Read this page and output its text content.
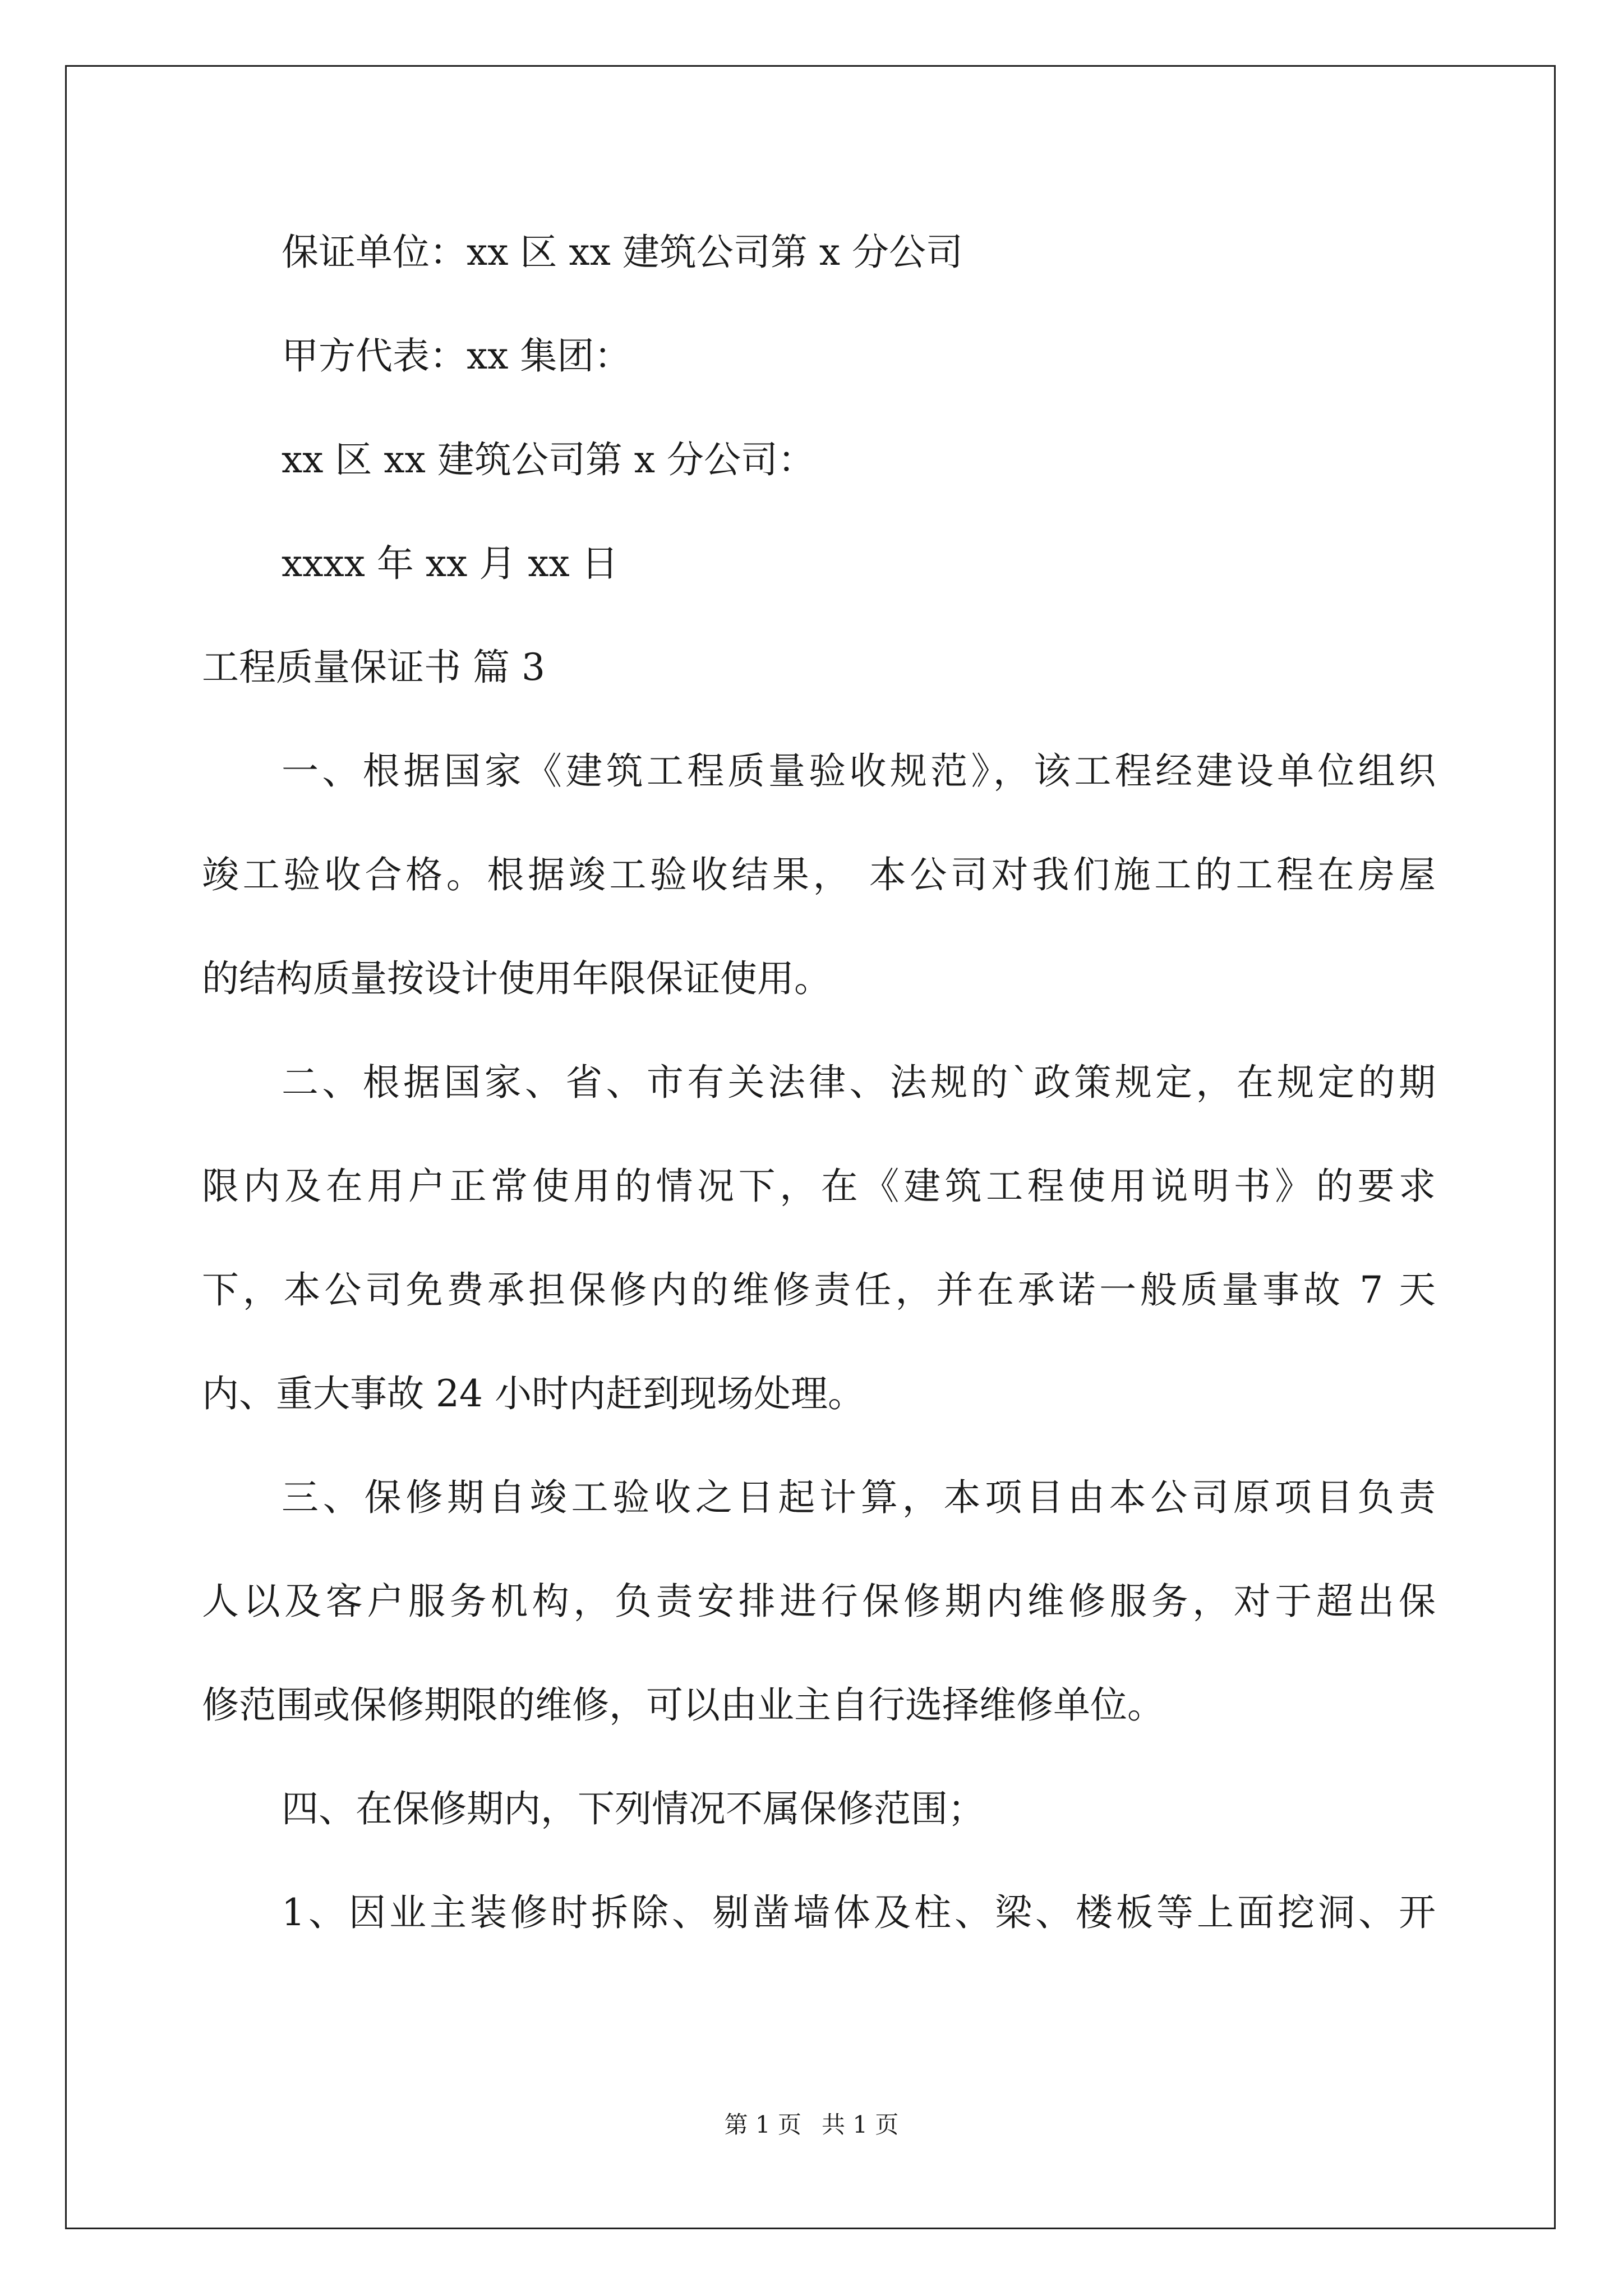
保证单位：xx 区 xx 建筑公司第 x 分公司
甲方代表：xx 集团：
xx 区 xx 建筑公司第 x 分公司：
xxxx 年 xx 月 xx 日
工程质量保证书 篇 3
一、根据国家《建筑工程质量验收规范》，该工程经建设单位组织
竣工验收合格。根据竣工验收结果， 本公司对我们施工的工程在房屋
的结构质量按设计使用年限保证使用。
二、根据国家、省、市有关法律、法规的`政策规定，在规定的期
限内及在用户正常使用的情况下，在《建筑工程使用说明书》的要求
下，本公司免费承担保修内的维修责任，并在承诺一般质量事故 7 天
内、重大事故 24 小时内赶到现场处理。
三、保修期自竣工验收之日起计算，本项目由本公司原项目负责
人以及客户服务机构，负责安排进行保修期内维修服务，对于超出保
修范围或保修期限的维修，可以由业主自行选择维修单位。
四、在保修期内，下列情况不属保修范围；
1、因业主装修时拆除、剔凿墙体及柱、梁、楼板等上面挖洞、开
第 1 页 共 1 页
